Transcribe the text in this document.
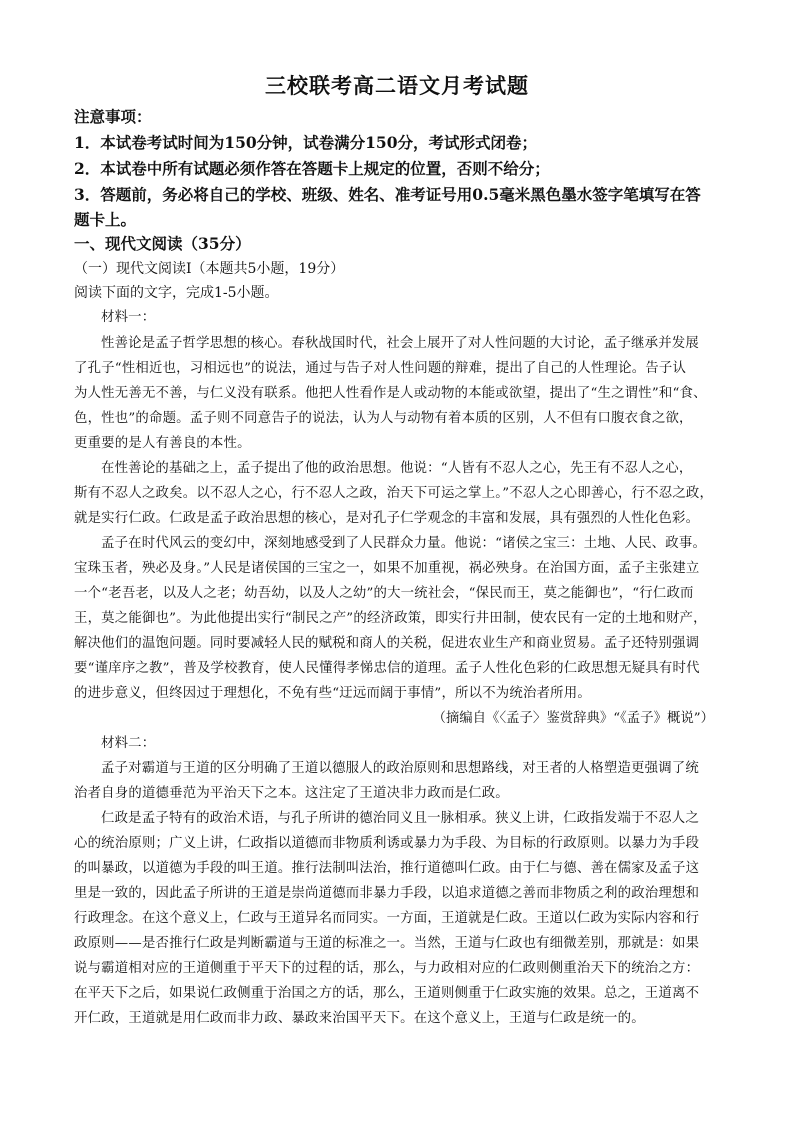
三校联考高二语文月考试题
注意事项：
1．本试卷考试时间为150分钟，试卷满分150分，考试形式闭卷；
2．本试卷中所有试题必须作答在答题卡上规定的位置，否则不给分；
3．答题前，务必将自己的学校、班级、姓名、准考证号用0.5毫米黑色墨水签字笔填写在答
题卡上。
一、现代文阅读（35分）
（一）现代文阅读Ⅰ（本题共5小题，19分）
阅读下面的文字，完成1-5小题。
材料一：
性善论是孟子哲学思想的核心。春秋战国时代，社会上展开了对人性问题的大讨论，孟子继承并发展
了孔子“性相近也，习相远也”的说法，通过与告子对人性问题的辩难，提出了自己的人性理论。告子认
为人性无善无不善，与仁义没有联系。他把人性看作是人或动物的本能或欲望，提出了“生之谓性”和“食、
色，性也”的命题。孟子则不同意告子的说法，认为人与动物有着本质的区别，人不但有口腹衣食之欲，
更重要的是人有善良的本性。
在性善论的基础之上，孟子提出了他的政治思想。他说：“人皆有不忍人之心，先王有不忍人之心，
斯有不忍人之政矣。以不忍人之心，行不忍人之政，治天下可运之掌上。”不忍人之心即善心，行不忍之政，
就是实行仁政。仁政是孟子政治思想的核心，是对孔子仁学观念的丰富和发展，具有强烈的人性化色彩。
孟子在时代风云的变幻中，深刻地感受到了人民群众力量。他说：“诸侯之宝三：土地、人民、政事。
宝珠玉者，殃必及身。”人民是诸侯国的三宝之一，如果不加重视，祸必殃身。在治国方面，孟子主张建立
一个“老吾老，以及人之老；幼吾幼，以及人之幼”的大一统社会，“保民而王，莫之能御也”，“行仁政而
王，莫之能御也”。为此他提出实行“制民之产”的经济政策，即实行井田制，使农民有一定的土地和财产，
解决他们的温饱问题。同时要减轻人民的赋税和商人的关税，促进农业生产和商业贸易。孟子还特别强调
要“谨庠序之教”，普及学校教育，使人民懂得孝悌忠信的道理。孟子人性化色彩的仁政思想无疑具有时代
的进步意义，但终因过于理想化，不免有些“迂远而阔于事情”，所以不为统治者所用。
（摘编自《〈孟子〉鉴赏辞典》“《孟子》概说”）
材料二：
孟子对霸道与王道的区分明确了王道以德服人的政治原则和思想路线，对王者的人格塑造更强调了统
治者自身的道德垂范为平治天下之本。这注定了王道决非力政而是仁政。
仁政是孟子特有的政治术语，与孔子所讲的德治同义且一脉相承。狭义上讲，仁政指发端于不忍人之
心的统治原则；广义上讲，仁政指以道德而非物质利诱或暴力为手段、为目标的行政原则。以暴力为手段
的叫暴政，以道德为手段的叫王道。推行法制叫法治，推行道德叫仁政。由于仁与德、善在儒家及孟子这
里是一致的，因此孟子所讲的王道是崇尚道德而非暴力手段，以追求道德之善而非物质之利的政治理想和
行政理念。在这个意义上，仁政与王道异名而同实。一方面，王道就是仁政。王道以仁政为实际内容和行
政原则——是否推行仁政是判断霸道与王道的标准之一。当然，王道与仁政也有细微差别，那就是：如果
说与霸道相对应的王道侧重于平天下的过程的话，那么，与力政相对应的仁政则侧重治天下的统治之方：
在平天下之后，如果说仁政侧重于治国之方的话，那么，王道则侧重于仁政实施的效果。总之，王道离不
开仁政，王道就是用仁政而非力政、暴政来治国平天下。在这个意义上，王道与仁政是统一的。
